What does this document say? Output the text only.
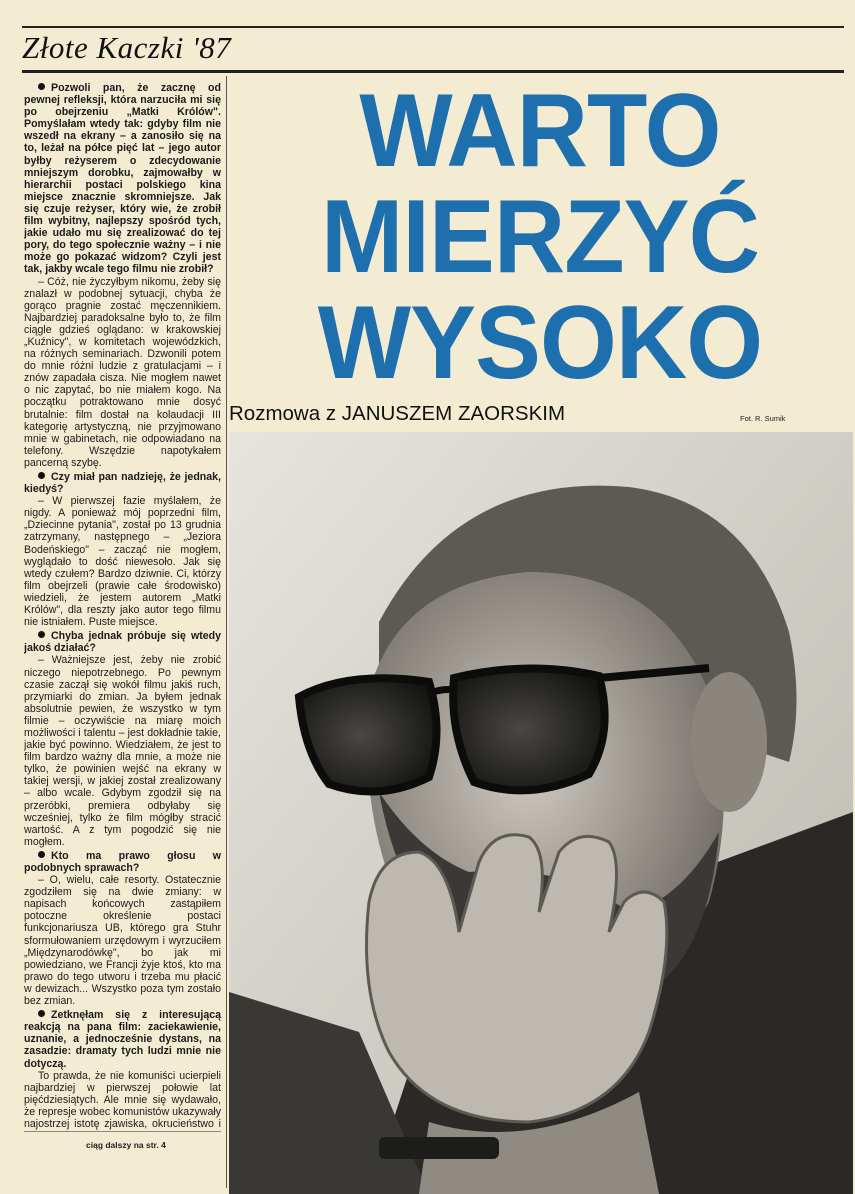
Złote Kaczki '87

Pozwoli pan, że zacznę od pewnej refleksji, która narzuciła mi się po obejrzeniu „Matki Królów". Pomyślałam wtedy tak: gdyby film nie wszedł na ekrany – a zanosiło się na to, leżał na półce pięć lat – jego autor byłby reżyserem o zdecydowanie mniejszym dorobku, zajmowałby w hierarchii postaci polskiego kina miejsce znacznie skromniejsze. Jak się czuje reżyser, który wie, że zrobił film wybitny, najlepszy spośród tych, jakie udało mu się zrealizować do tej pory, do tego społecznie ważny – i nie może go pokazać widzom? Czyli jest tak, jakby wcale tego filmu nie zrobił?

– Cóż, nie życzyłbym nikomu, żeby się znalazł w podobnej sytuacji, chyba że gorąco pragnie zostać męczennikiem. Najbardziej paradoksalne było to, że film ciągle gdzieś oglądano: w krakowskiej „Kuźnicy", w komitetach wojewódzkich, na różnych seminariach. Dzwonili potem do mnie różni ludzie z gratulacjami – i znów zapadała cisza. Nie mogłem nawet o nic zapytać, bo nie miałem kogo. Na początku potraktowano mnie dosyć brutalnie: film dostał na kolaudacji III kategorię artystyczną, nie przyjmowano mnie w gabinetach, nie odpowiadano na telefony. Wszędzie napotykałem pancerną szybę.

Czy miał pan nadzieję, że jednak, kiedyś?

– W pierwszej fazie myślałem, że nigdy. A ponieważ mój poprzedni film, „Dziecinne pytania", został po 13 grudnia zatrzymany, następnego – „Jeziora Bodeńskiego" – zacząć nie mogłem, wyglądało to dość niewesoło. Jak się wtedy czułem? Bardzo dziwnie. Ci, którzy film obejrzeli (prawie całe środowisko) wiedzieli, że jestem autorem „Matki Królów", dla reszty jako autor tego filmu nie istniałem. Puste miejsce.

Chyba jednak próbuje się wtedy jakoś działać?

– Ważniejsze jest, żeby nie zrobić niczego niepotrzebnego. Po pewnym czasie zaczął się wokół filmu jakiś ruch, przymiarki do zmian. Ja byłem jednak absolutnie pewien, że wszystko w tym filmie – oczywiście na miarę moich możliwości i talentu – jest dokładnie takie, jakie być powinno. Wiedziałem, że jest to film bardzo ważny dla mnie, a może nie tylko, że powinien wejść na ekrany w takiej wersji, w jakiej został zrealizowany – albo wcale. Gdybym zgodził się na przeróbki, premiera odbyłaby się wcześniej, tylko że film mógłby stracić wartość. A z tym pogodzić się nie mogłem.

Kto ma prawo głosu w podobnych sprawach?

– O, wielu, całe resorty. Ostatecznie zgodziłem się na dwie zmiany: w napisach końcowych zastąpiłem potoczne określenie postaci funkcjonariusza UB, którego gra Stuhr sformułowaniem urzędowym i wyrzuciłem „Międzynarodówkę", bo jak mi powiedziano, we Francji żyje ktoś, kto ma prawo do tego utworu i trzeba mu płacić w dewizach... Wszystko poza tym zostało bez zmian.

Zetknęłam się z interesującą reakcją na pana film: zaciekawienie, uznanie, a jednocześnie dystans, na zasadzie: dramaty tych ludzi mnie nie dotyczą.

To prawda, że nie komuniści ucierpieli najbardziej w pierwszej połowie lat pięćdziesiątych. Ale mnie się wydawało, że represje wobec komunistów ukazywały najostrzej istotę zjawiska, okrucieństwo i

ciąg dalszy na str. 4
WARTO
MIERZYĆ
WYSOKO
Rozmowa z JANUSZEM ZAORSKIM	Fot. R. Sumik
